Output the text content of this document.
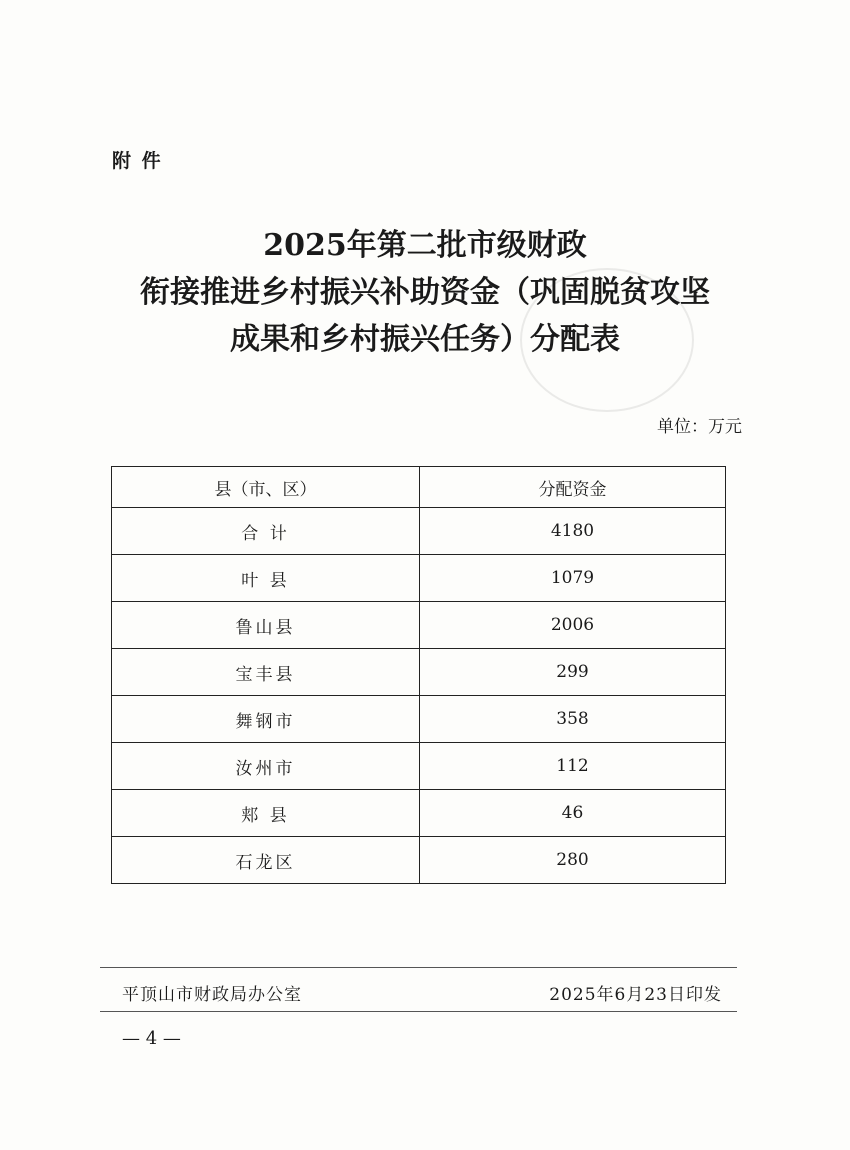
附 件
2025年第二批市级财政
衔接推进乡村振兴补助资金（巩固脱贫攻坚
成果和乡村振兴任务）分配表
单位：万元
县（市、区）	分配资金
合 计	4180
叶 县	1079
鲁山县	2006
宝丰县	299
舞钢市	358
汝州市	112
郏 县	46
石龙区	280
平顶山市财政局办公室	2025年6月23日印发
— 4 —
